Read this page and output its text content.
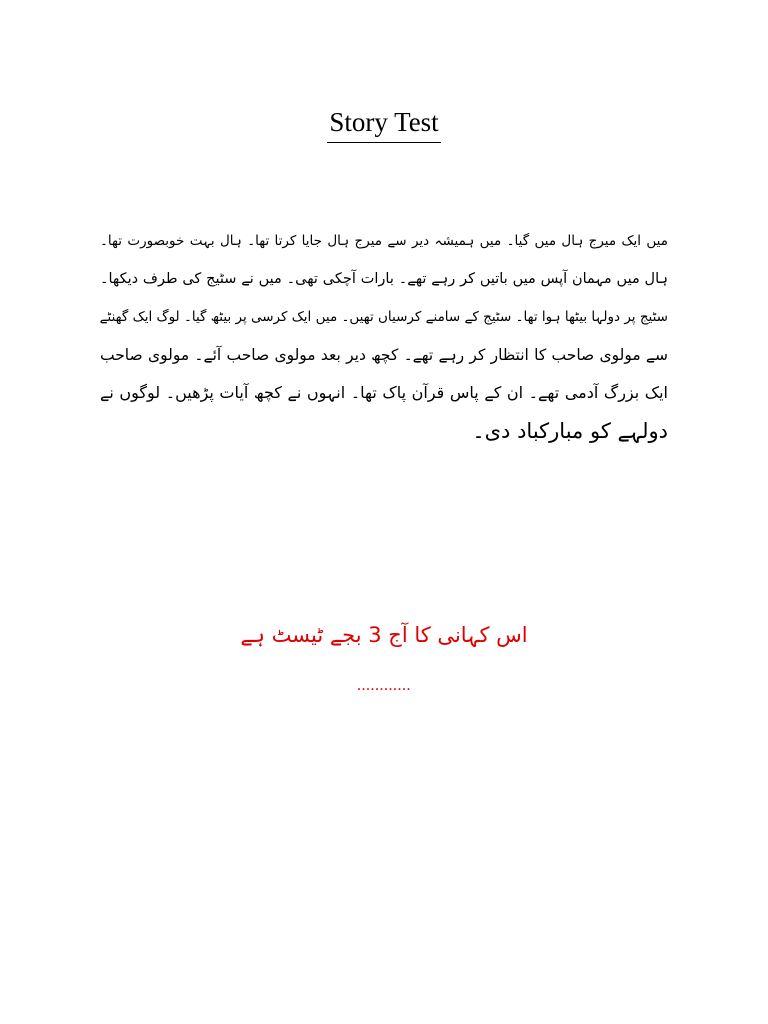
Story Test
میں ایک میرج ہال میں گیا۔ میں ہمیشہ دیر سے میرج ہال جایا کرتا تھا۔ ہال بہت خوبصورت تھا۔
ہال میں مہمان آپس میں باتیں کر رہے تھے۔ بارات آچکی تھی۔ میں نے سٹیج کی طرف دیکھا۔
سٹیج پر دولہا بیٹھا ہوا تھا۔ سٹیج کے سامنے کرسیاں تھیں۔ میں ایک کرسی پر بیٹھ گیا۔ لوگ ایک گھنٹے
سے مولوی صاحب کا انتظار کر رہے تھے۔ کچھ دیر بعد مولوی صاحب آئے۔ مولوی صاحب
ایک بزرگ آدمی تھے۔ ان کے پاس قرآن پاک تھا۔ انہوں نے کچھ آیات پڑھیں۔ لوگوں نے
دولہے کو مبارکباد دی۔
اس کہانی کا آج 3 بجے ٹیسٹ ہے
............
